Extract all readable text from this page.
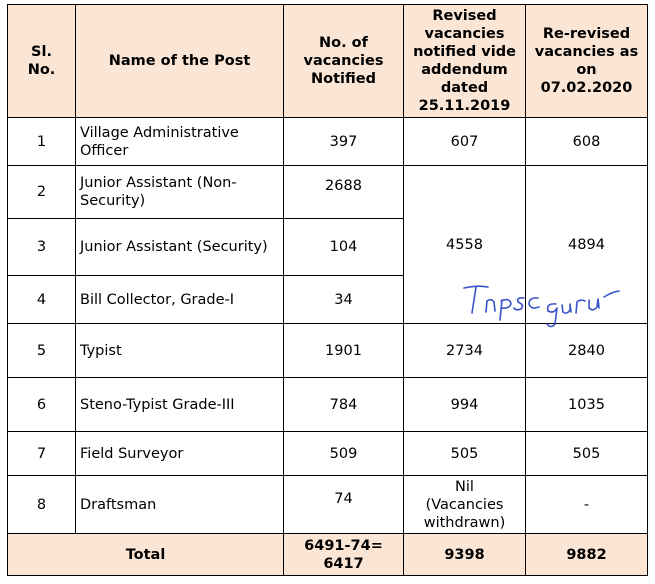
Sl. No.	Name of the Post	No. of vacancies Notified	Revised vacancies notified vide addendum dated 25.11.2019	Re-revised vacancies as on 07.02.2020
1	Village Administrative Officer	397	607	608
2	Junior Assistant (Non-Security)	2688	4558	4894
3	Junior Assistant (Security)	104		
4	Bill Collector, Grade-I	34		
5	Typist	1901	2734	2840
6	Steno-Typist Grade-III	784	994	1035
7	Field Surveyor	509	505	505
8	Draftsman	74	Nil (Vacancies withdrawn)	-
Total		6491-74= 6417	9398	9882
